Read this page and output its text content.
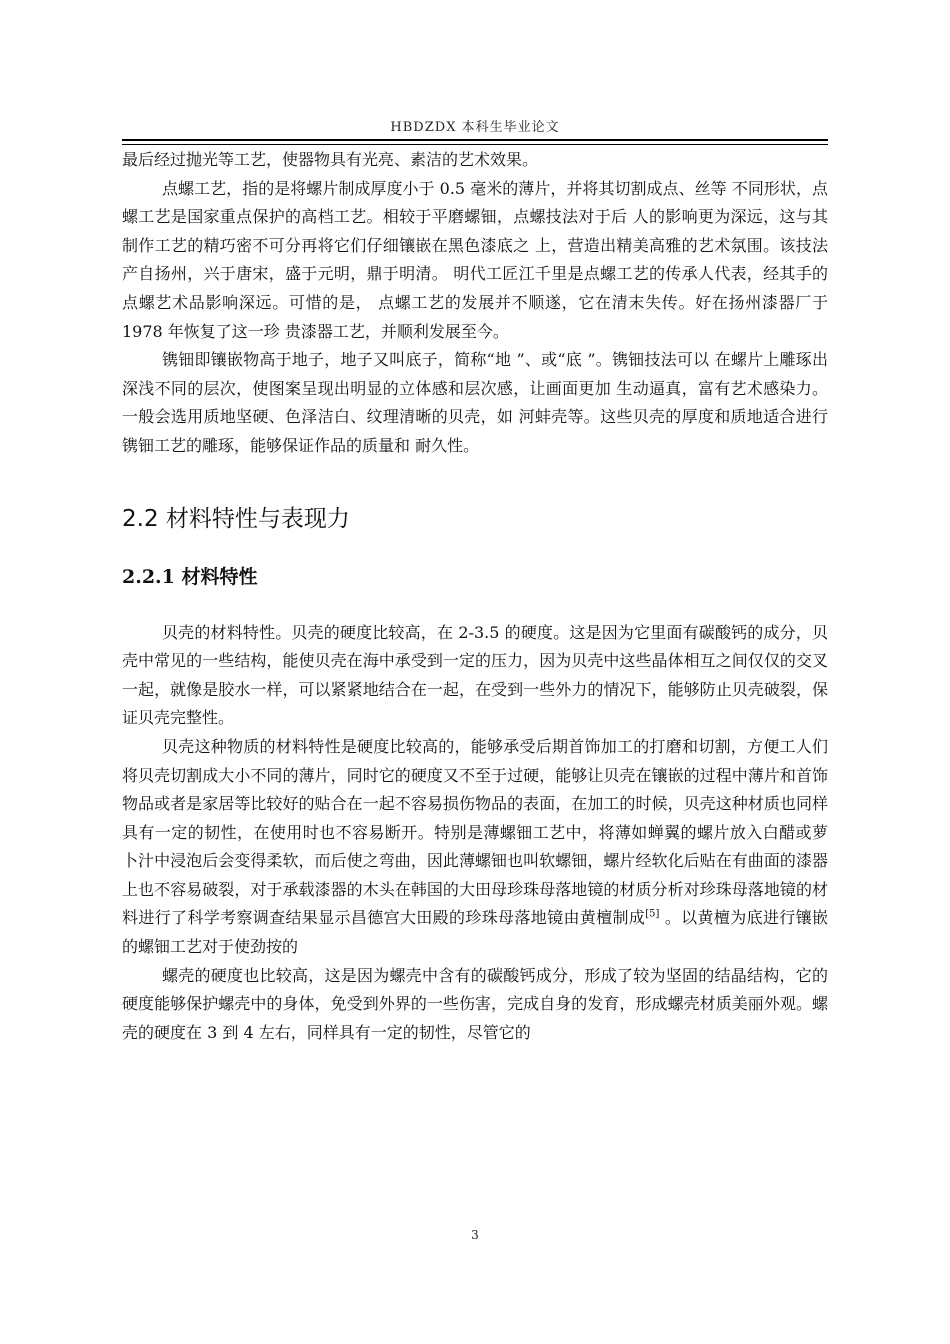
HBDZDX 本科生毕业论文

最后经过抛光等工艺，使器物具有光亮、素洁的艺术效果。

点螺工艺，指的是将螺片制成厚度小于 0.5 毫米的薄片，并将其切割成点、丝等 不同形状，点螺工艺是国家重点保护的高档工艺。相较于平磨螺钿，点螺技法对于后 人的影响更为深远，这与其制作工艺的精巧密不可分再将它们仔细镶嵌在黑色漆底之 上，营造出精美高雅的艺术氛围。该技法产自扬州，兴于唐宋，盛于元明，鼎于明清。 明代工匠江千里是点螺工艺的传承人代表，经其手的点螺艺术品影响深远。可惜的是， 点螺工艺的发展并不顺遂，它在清末失传。好在扬州漆器厂于 1978 年恢复了这一珍 贵漆器工艺，并顺利发展至今。

镌钿即镶嵌物高于地子，地子又叫底子，简称“地 ”、或“底 ”。镌钿技法可以 在螺片上雕琢出深浅不同的层次，使图案呈现出明显的立体感和层次感，让画面更加 生动逼真，富有艺术感染力。一般会选用质地坚硬、色泽洁白、纹理清晰的贝壳，如 河蚌壳等。这些贝壳的厚度和质地适合进行镌钿工艺的雕琢，能够保证作品的质量和 耐久性。

2.2 材料特性与表现力
2.2.1 材料特性

贝壳的材料特性。贝壳的硬度比较高，在 2-3.5 的硬度。这是因为它里面有碳酸钙的成分，贝壳中常见的一些结构，能使贝壳在海中承受到一定的压力，因为贝壳中这些晶体相互之间仅仅的交叉一起，就像是胶水一样，可以紧紧地结合在一起，在受到一些外力的情况下，能够防止贝壳破裂，保证贝壳完整性。

贝壳这种物质的材料特性是硬度比较高的，能够承受后期首饰加工的打磨和切割，方便工人们将贝壳切割成大小不同的薄片，同时它的硬度又不至于过硬，能够让贝壳在镶嵌的过程中薄片和首饰物品或者是家居等比较好的贴合在一起不容易损伤物品的表面，在加工的时候，贝壳这种材质也同样具有一定的韧性，在使用时也不容易断开。特别是薄螺钿工艺中，将薄如蝉翼的螺片放入白醋或萝 卜汁中浸泡后会变得柔软，而后使之弯曲，因此薄螺钿也叫软螺钿，螺片经软化后贴在有曲面的漆器上也不容易破裂，对于承载漆器的木头在韩国的大田母珍珠母落地镜的材质分析对珍珠母落地镜的材料进行了科学考察调查结果显示昌德宫大田殿的珍珠母落地镜由黄檀制成[5] 。以黄檀为底进行镶嵌的螺钿工艺对于使劲按的

螺壳的硬度也比较高，这是因为螺壳中含有的碳酸钙成分，形成了较为坚固的结晶结构，它的硬度能够保护螺壳中的身体，免受到外界的一些伤害，完成自身的发育，形成螺壳材质美丽外观。螺壳的硬度在 3 到 4 左右，同样具有一定的韧性，尽管它的

3
